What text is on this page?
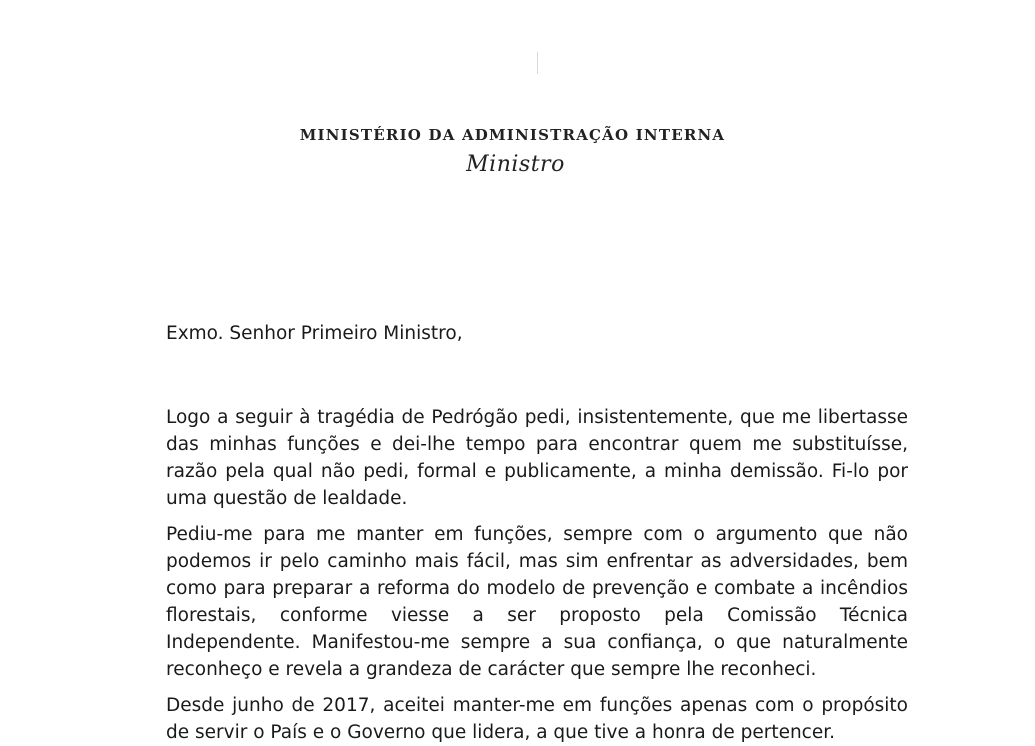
MINISTÉRIO DA ADMINISTRAÇÃO INTERNA
Ministro
Exmo. Senhor Primeiro Ministro,

Logo a seguir à tragédia de Pedrógão pedi, insistentemente, que me libertasse das minhas funções e dei-lhe tempo para encontrar quem me substituísse, razão pela qual não pedi, formal e publicamente, a minha demissão. Fi-lo por uma questão de lealdade.

Pediu-me para me manter em funções, sempre com o argumento que não podemos ir pelo caminho mais fácil, mas sim enfrentar as adversidades, bem como para preparar a reforma do modelo de prevenção e combate a incêndios florestais, conforme viesse a ser proposto pela Comissão Técnica Independente. Manifestou-me sempre a sua confiança, o que naturalmente reconheço e revela a grandeza de carácter que sempre lhe reconheci.

Desde junho de 2017, aceitei manter-me em funções apenas com o propósito de servir o País e o Governo que lidera, a que tive a honra de pertencer.
